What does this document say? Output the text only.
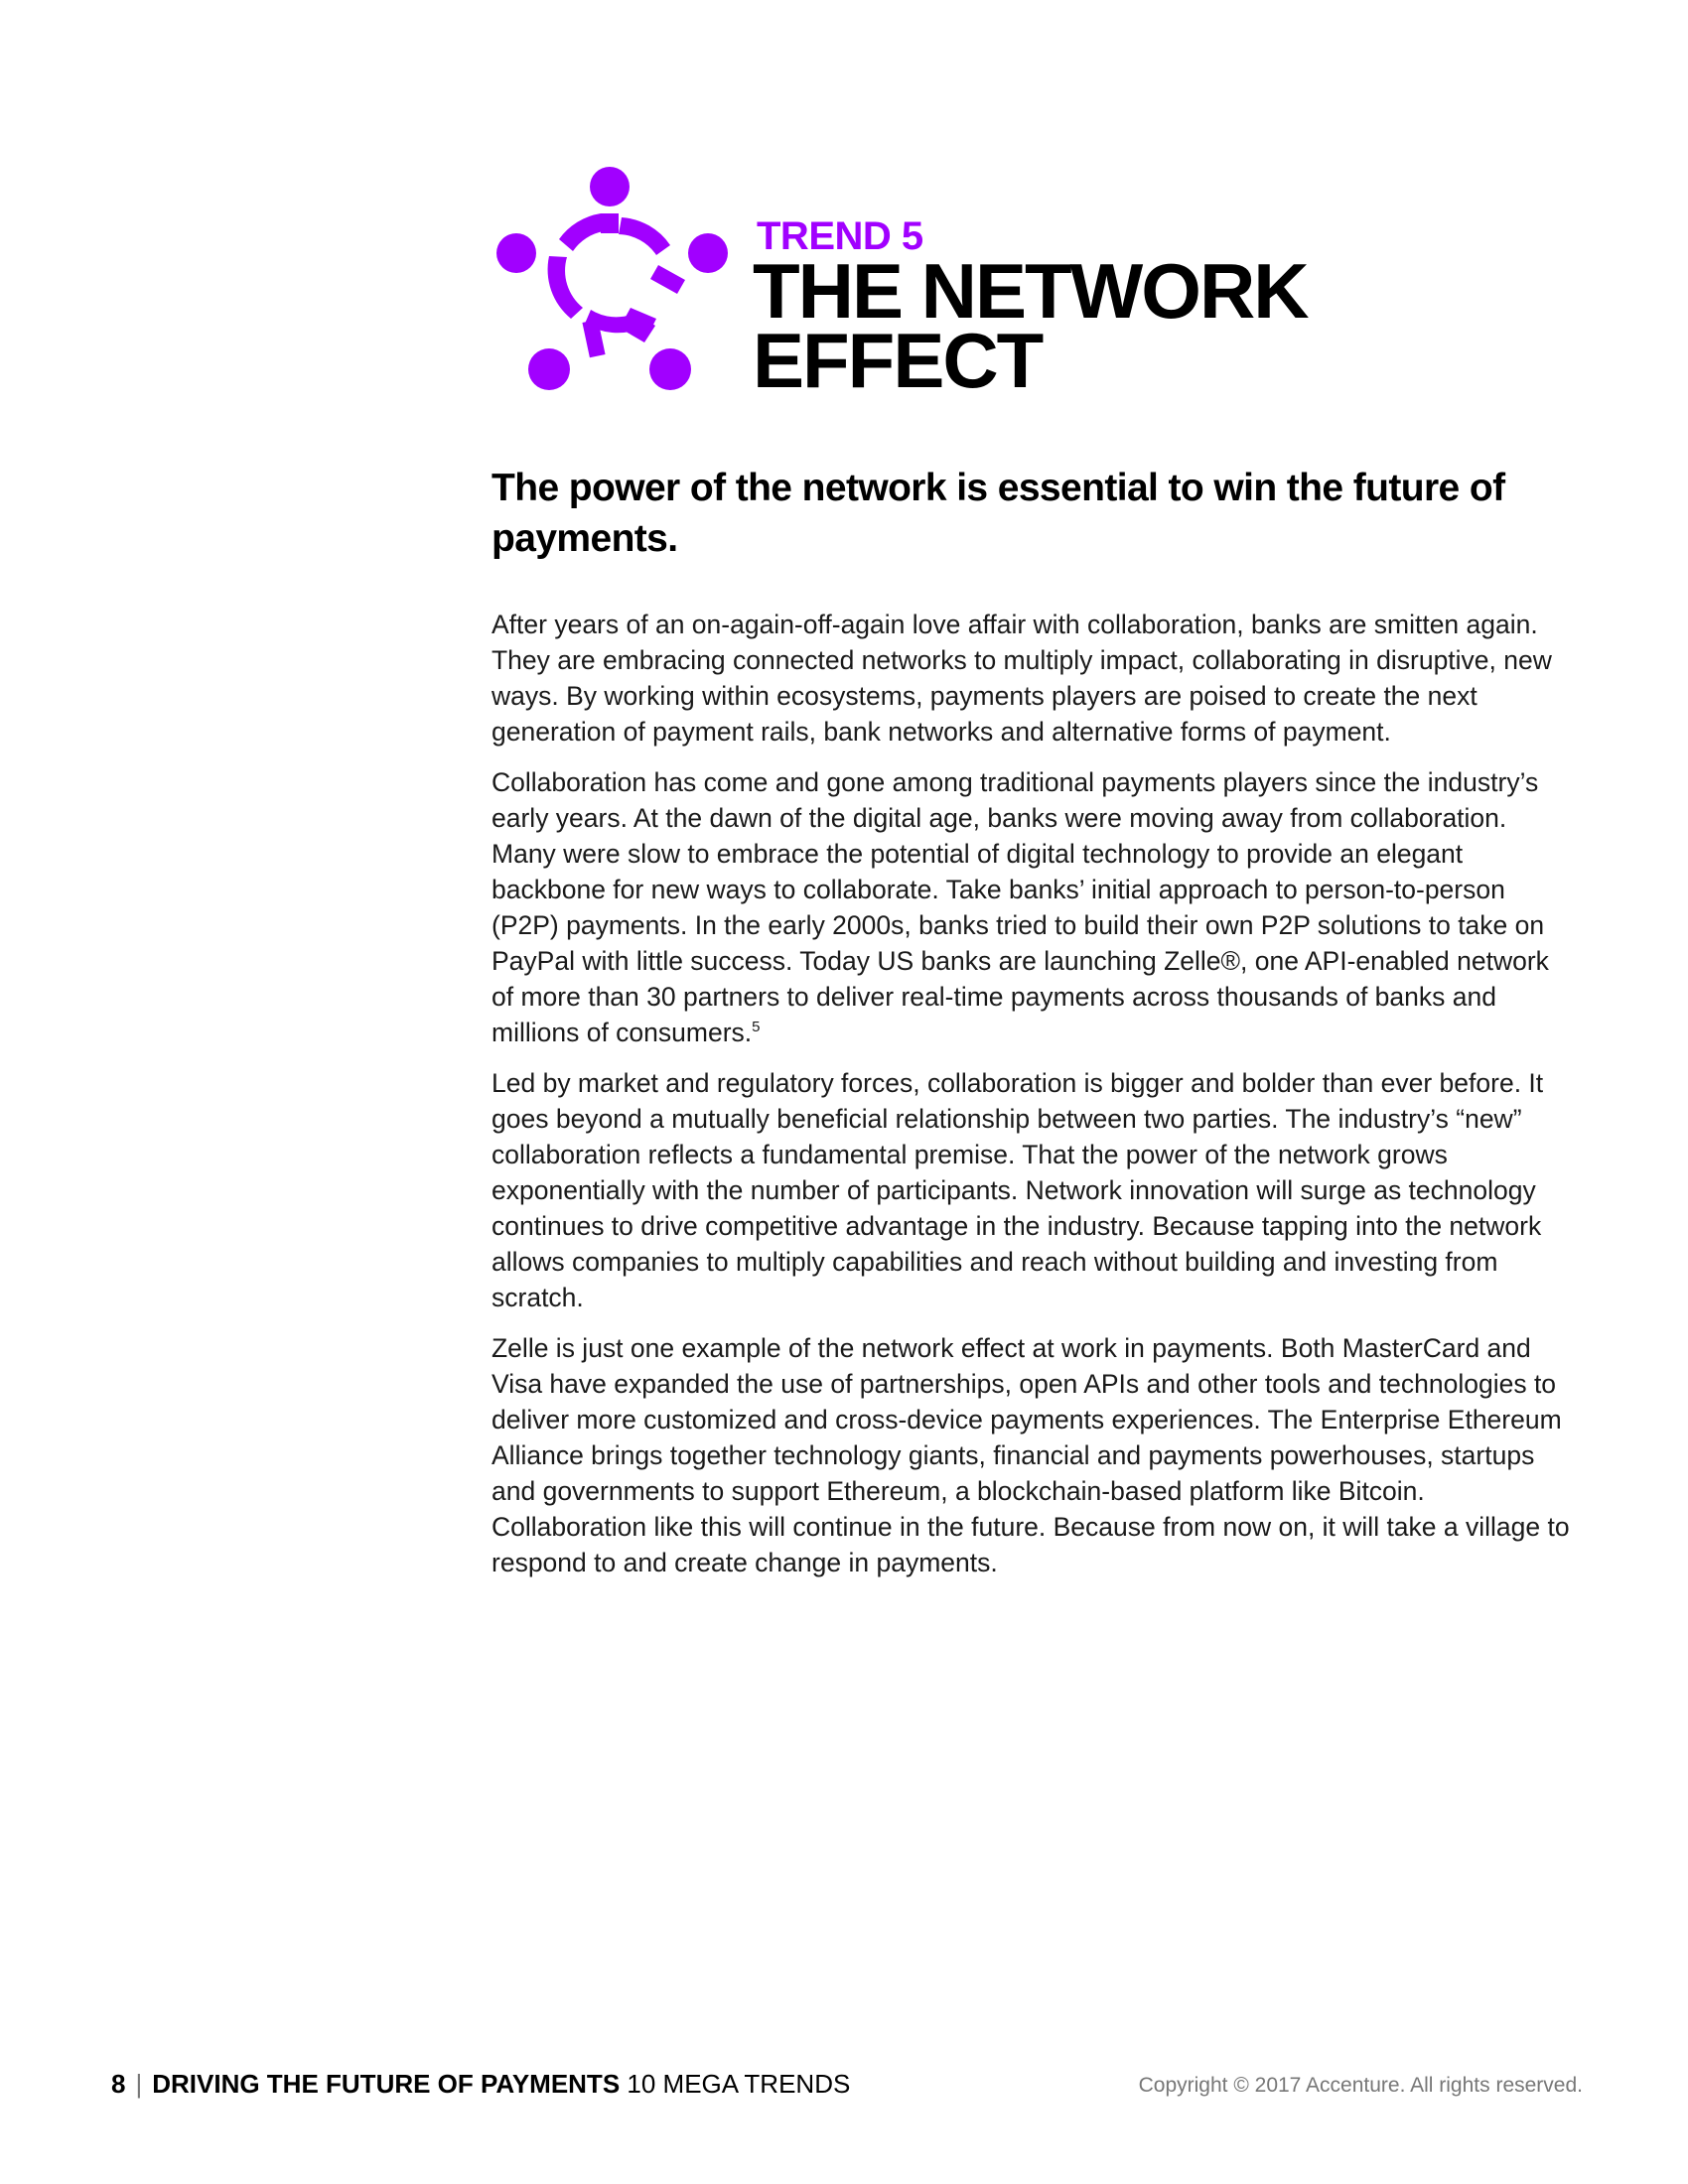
TREND 5
THE NETWORK
EFFECT
The power of the network is essential to win the future of payments.

After years of an on-again-off-again love affair with collaboration, banks are smitten again. They are embracing connected networks to multiply impact, collaborating in disruptive, new ways. By working within ecosystems, payments players are poised to create the next generation of payment rails, bank networks and alternative forms of payment.

Collaboration has come and gone among traditional payments players since the industry’s early years. At the dawn of the digital age, banks were moving away from collaboration. Many were slow to embrace the potential of digital technology to provide an elegant backbone for new ways to collaborate. Take banks’ initial approach to person-to-person (P2P) payments. In the early 2000s, banks tried to build their own P2P solutions to take on PayPal with little success. Today US banks are launching Zelle®, one API-enabled network of more than 30 partners to deliver real-time payments across thousands of banks and millions of consumers.$^5$

Led by market and regulatory forces, collaboration is bigger and bolder than ever before. It goes beyond a mutually beneficial relationship between two parties. The industry’s “new” collaboration reflects a fundamental premise. That the power of the network grows exponentially with the number of participants. Network innovation will surge as technology continues to drive competitive advantage in the industry. Because tapping into the network allows companies to multiply capabilities and reach without building and investing from scratch.

Zelle is just one example of the network effect at work in payments. Both MasterCard and Visa have expanded the use of partnerships, open APIs and other tools and technologies to deliver more customized and cross-device payments experiences. The Enterprise Ethereum Alliance brings together technology giants, financial and payments powerhouses, startups and governments to support Ethereum, a blockchain-based platform like Bitcoin. Collaboration like this will continue in the future. Because from now on, it will take a village to respond to and create change in payments.

8 | DRIVING THE FUTURE OF PAYMENTS 10 MEGA TRENDS	Copyright © 2017 Accenture. All rights reserved.
